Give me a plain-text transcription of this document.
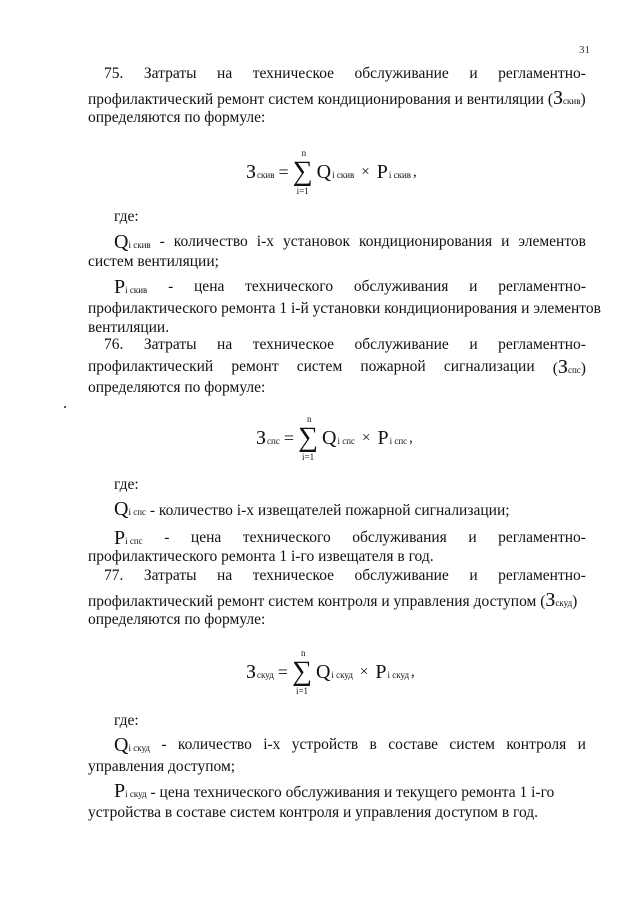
31
75. Затраты на техническое обслуживание и регламентно-
профилактический ремонт систем кондиционирования и вентиляции (Зскив)
определяются по формуле:
Зскив =
n
∑
i=1
Qi скив × Pi скив ,
где:
Qi скив - количество i-х установок кондиционирования и элементов
систем вентиляции;
Pi скив - цена технического обслуживания и регламентно-
профилактического ремонта 1 i-й установки кондиционирования и элементов
вентиляции.
76. Затраты на техническое обслуживание и регламентно-
профилактический ремонт систем пожарной сигнализации (Зспс)
определяются по формуле:
Зспс =
n
∑
i=1
Qi спс × Pi спс ,
где:
Qi спс - количество i-х извещателей пожарной сигнализации;
Pi спс - цена технического обслуживания и регламентно-
профилактического ремонта 1 i-го извещателя в год.
77. Затраты на техническое обслуживание и регламентно-
профилактический ремонт систем контроля и управления доступом (Зскуд)
определяются по формуле:
Зскуд =
n
∑
i=1
Qi скуд × Pi скуд ,
где:
Qi скуд - количество i-х устройств в составе систем контроля и
управления доступом;
Pi скуд - цена технического обслуживания и текущего ремонта 1 i-го
устройства в составе систем контроля и управления доступом в год.
